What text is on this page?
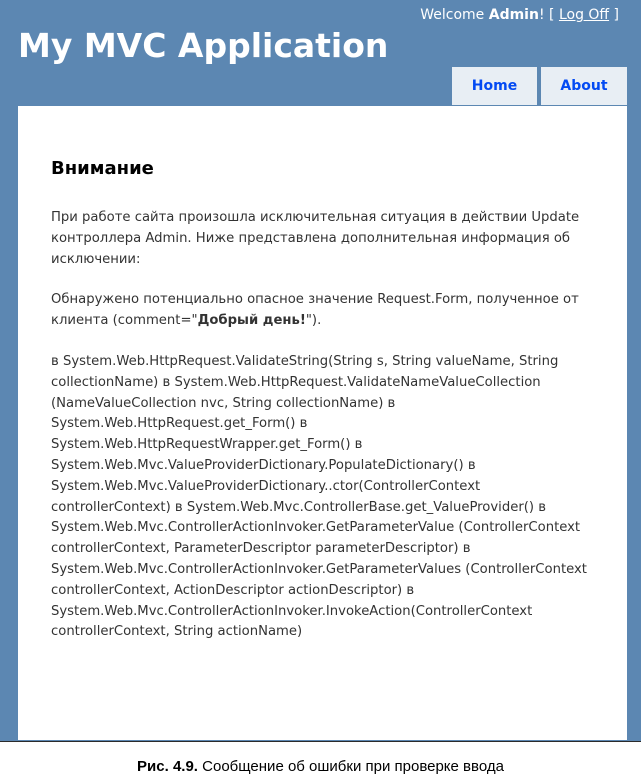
Welcome Admin! [ Log Off ]
My MVC Application
Home	About
Внимание

При работе сайта произошла исключительная ситуация в действии Update контроллера Admin. Ниже представлена дополнительная информация об исключении:

Обнаружено потенциально опасное значение Request.Form, полученное от клиента (comment="Добрый день!").

в System.Web.HttpRequest.ValidateString(String s, String valueName, String collectionName) в System.Web.HttpRequest.ValidateNameValueCollection (NameValueCollection nvc, String collectionName) в System.Web.HttpRequest.get_Form() в System.Web.HttpRequestWrapper.get_Form() в System.Web.Mvc.ValueProviderDictionary.PopulateDictionary() в System.Web.Mvc.ValueProviderDictionary..ctor(ControllerContext controllerContext) в System.Web.Mvc.ControllerBase.get_ValueProvider() в System.Web.Mvc.ControllerActionInvoker.GetParameterValue (ControllerContext controllerContext, ParameterDescriptor parameterDescriptor) в System.Web.Mvc.ControllerActionInvoker.GetParameterValues (ControllerContext controllerContext, ActionDescriptor actionDescriptor) в System.Web.Mvc.ControllerActionInvoker.InvokeAction(ControllerContext controllerContext, String actionName)

Рис. 4.9. Сообщение об ошибки при проверке ввода
